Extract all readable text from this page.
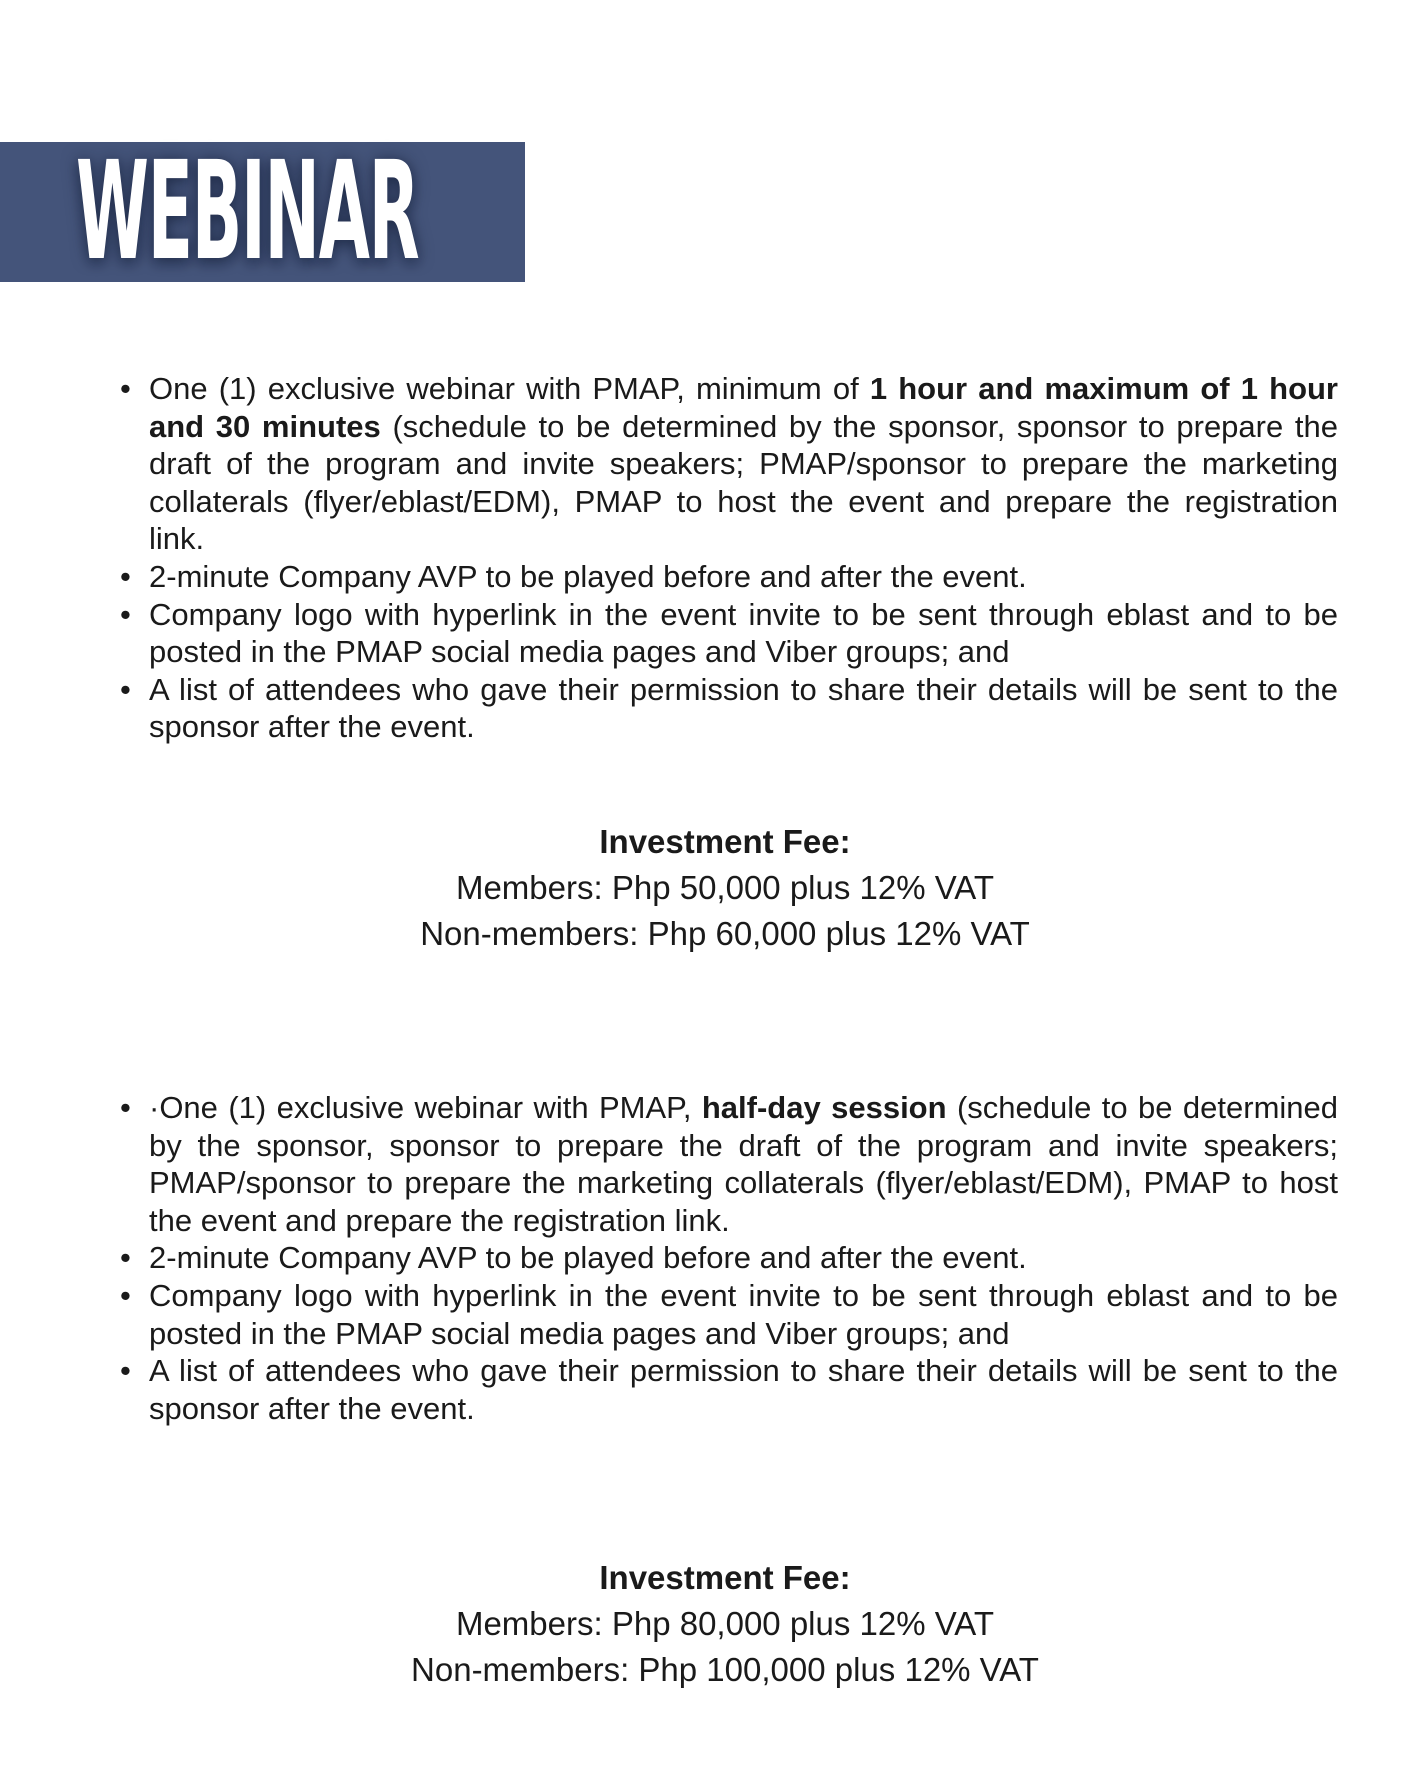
WEBINAR
• One (1) exclusive webinar with PMAP, minimum of 1 hour and maximum of 1 hour and 30 minutes (schedule to be determined by the sponsor, sponsor to prepare the draft of the program and invite speakers; PMAP/sponsor to prepare the marketing collaterals (flyer/eblast/EDM), PMAP to host the event and prepare the registration link.
• 2-minute Company AVP to be played before and after the event.
• Company logo with hyperlink in the event invite to be sent through eblast and to be posted in the PMAP social media pages and Viber groups; and
• A list of attendees who gave their permission to share their details will be sent to the sponsor after the event.
Investment Fee:
Members: Php 50,000 plus 12% VAT
Non-members: Php 60,000 plus 12% VAT
• ·One (1) exclusive webinar with PMAP, half-day session (schedule to be determined by the sponsor, sponsor to prepare the draft of the program and invite speakers; PMAP/sponsor to prepare the marketing collaterals (flyer/eblast/EDM), PMAP to host the event and prepare the registration link.
• 2-minute Company AVP to be played before and after the event.
• Company logo with hyperlink in the event invite to be sent through eblast and to be posted in the PMAP social media pages and Viber groups; and
• A list of attendees who gave their permission to share their details will be sent to the sponsor after the event.
Investment Fee:
Members: Php 80,000 plus 12% VAT
Non-members: Php 100,000 plus 12% VAT
